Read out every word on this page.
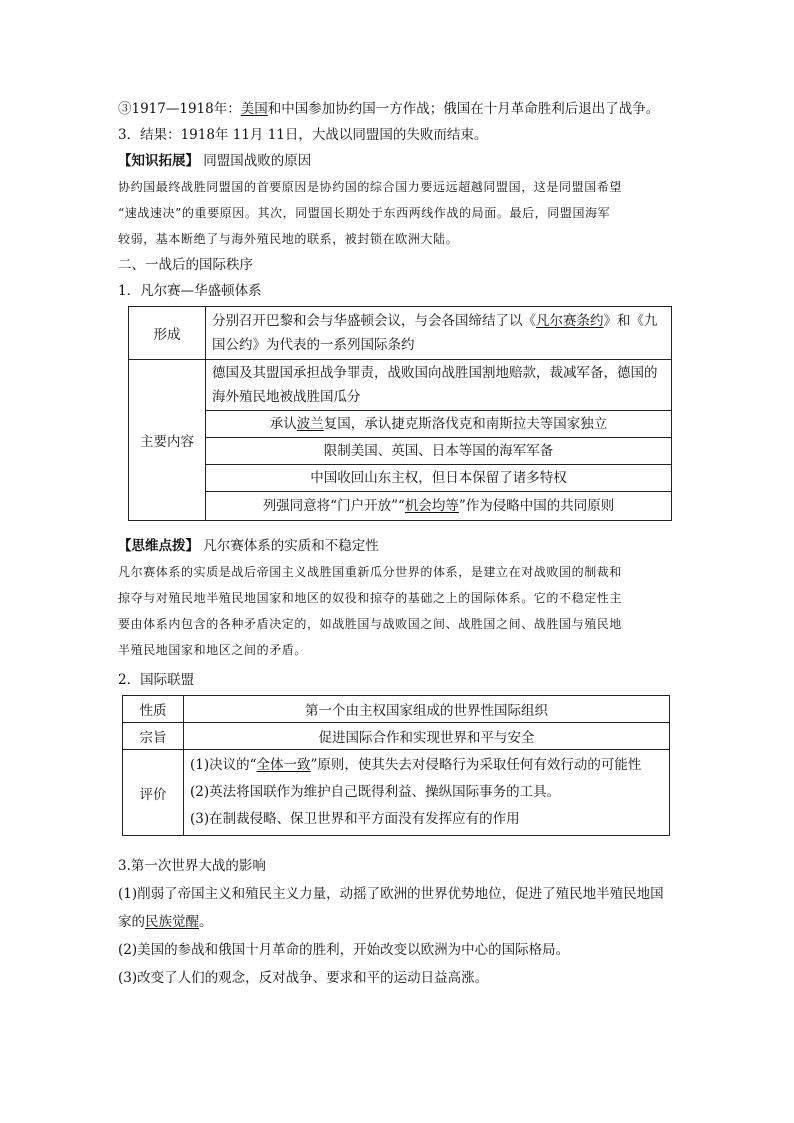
③1917—1918年：美国和中国参加协约国一方作战；俄国在十月革命胜利后退出了战争。
3．结果：1918年 11月 11日，大战以同盟国的失败而结束。
【知识拓展】 同盟国战败的原因
协约国最终战胜同盟国的首要原因是协约国的综合国力要远远超越同盟国，这是同盟国希望
“速战速决”的重要原因。其次，同盟国长期处于东西两线作战的局面。最后，同盟国海军
较弱，基本断绝了与海外殖民地的联系，被封锁在欧洲大陆。
二、一战后的国际秩序
1．凡尔赛—华盛顿体系
形成	分别召开巴黎和会与华盛顿会议，与会各国缔结了以《凡尔赛条约》和《九国公约》为代表的一系列国际条约
主要内容	德国及其盟国承担战争罪责，战败国向战胜国割地赔款，裁减军备，德国的海外殖民地被战胜国瓜分
	承认波兰复国，承认捷克斯洛伐克和南斯拉夫等国家独立
	限制美国、英国、日本等国的海军军备
	中国收回山东主权，但日本保留了诸多特权
	列强同意将“门户开放”“机会均等”作为侵略中国的共同原则
【思维点拨】 凡尔赛体系的实质和不稳定性
凡尔赛体系的实质是战后帝国主义战胜国重新瓜分世界的体系，是建立在对战败国的制裁和
掠夺与对殖民地半殖民地国家和地区的奴役和掠夺的基础之上的国际体系。它的不稳定性主
要由体系内包含的各种矛盾决定的，如战胜国与战败国之间、战胜国之间、战胜国与殖民地
半殖民地国家和地区之间的矛盾。
2．国际联盟
性质	第一个由主权国家组成的世界性国际组织
宗旨	促进国际合作和实现世界和平与安全
评价	(1)决议的“全体一致”原则，使其失去对侵略行为采取任何有效行动的可能性
(2)英法将国联作为维护自己既得利益、操纵国际事务的工具。
(3)在制裁侵略、保卫世界和平方面没有发挥应有的作用
3.第一次世界大战的影响
(1)削弱了帝国主义和殖民主义力量，动摇了欧洲的世界优势地位，促进了殖民地半殖民地国
家的民族觉醒。
(2)美国的参战和俄国十月革命的胜利，开始改变以欧洲为中心的国际格局。
(3)改变了人们的观念，反对战争、要求和平的运动日益高涨。
